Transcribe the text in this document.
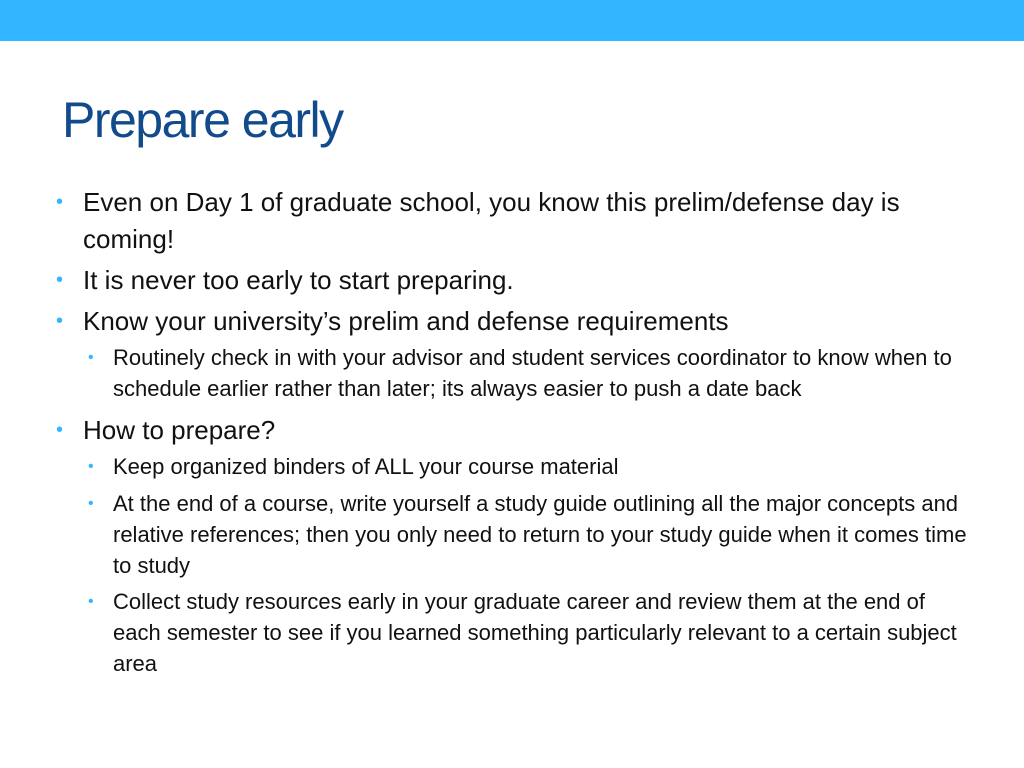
Prepare early
• Even on Day 1 of graduate school, you know this prelim/defense day is coming!
• It is never too early to start preparing.
• Know your university’s prelim and defense requirements
• Routinely check in with your advisor and student services coordinator to know when to schedule earlier rather than later; its always easier to push a date back
• How to prepare?
• Keep organized binders of ALL your course material
• At the end of a course, write yourself a study guide outlining all the major concepts and relative references; then you only need to return to your study guide when it comes time to study
• Collect study resources early in your graduate career and review them at the end of each semester to see if you learned something particularly relevant to a certain subject area
